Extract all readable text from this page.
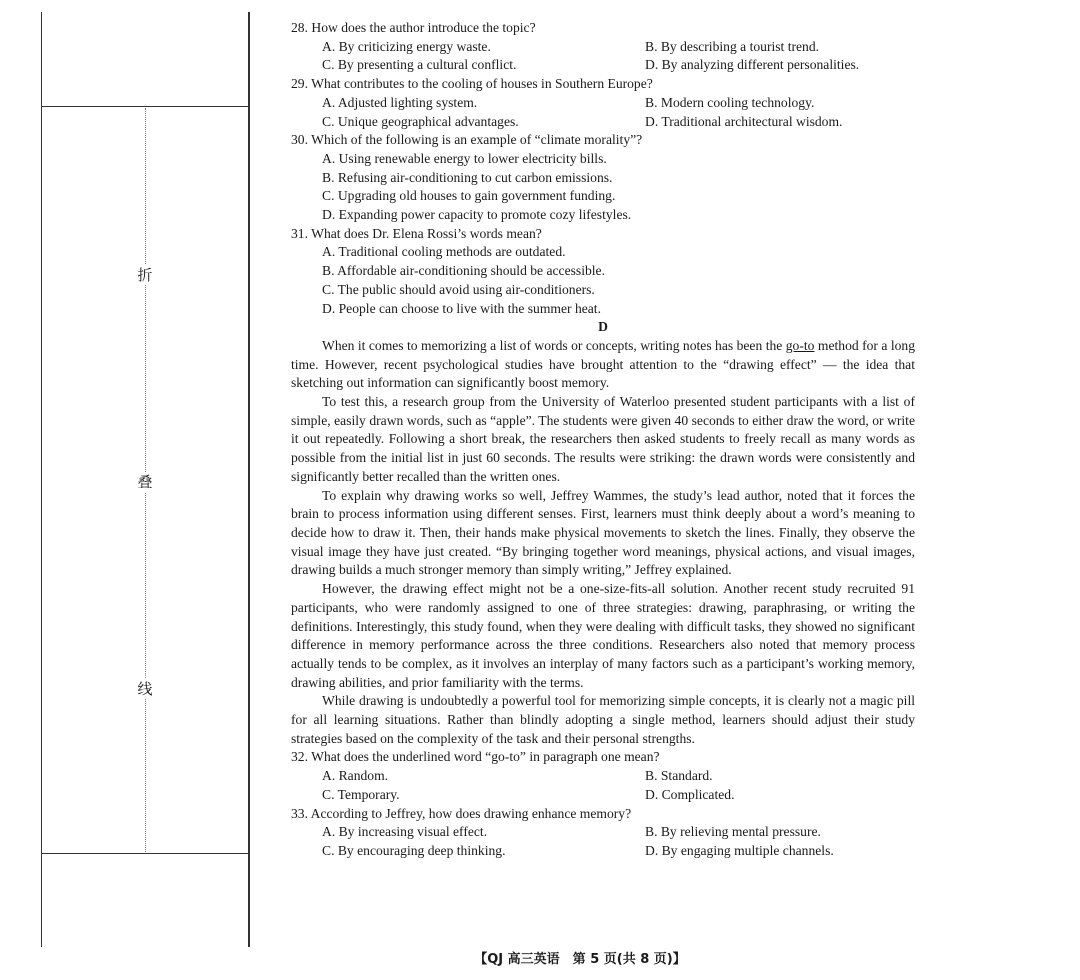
折
叠
线

28. How does the author introduce the topic?

A. By criticizing energy waste.	B. By describing a tourist trend.
C. By presenting a cultural conflict.	D. By analyzing different personalities.

29. What contributes to the cooling of houses in Southern Europe?

A. Adjusted lighting system.	B. Modern cooling technology.
C. Unique geographical advantages.	D. Traditional architectural wisdom.

30. Which of the following is an example of “climate morality”?

A. Using renewable energy to lower electricity bills.
B. Refusing air-conditioning to cut carbon emissions.
C. Upgrading old houses to gain government funding.
D. Expanding power capacity to promote cozy lifestyles.

31. What does Dr. Elena Rossi’s words mean?

A. Traditional cooling methods are outdated.
B. Affordable air-conditioning should be accessible.
C. The public should avoid using air-conditioners.
D. People can choose to live with the summer heat.

D

When it comes to memorizing a list of words or concepts, writing notes has been the go-to method for a long time. However, recent psychological studies have brought attention to the “drawing effect” — the idea that sketching out information can significantly boost memory.

To test this, a research group from the University of Waterloo presented student participants with a list of simple, easily drawn words, such as “apple”. The students were given 40 seconds to either draw the word, or write it out repeatedly. Following a short break, the researchers then asked students to freely recall as many words as possible from the initial list in just 60 seconds. The results were striking: the drawn words were consistently and significantly better recalled than the written ones.

To explain why drawing works so well, Jeffrey Wammes, the study’s lead author, noted that it forces the brain to process information using different senses. First, learners must think deeply about a word’s meaning to decide how to draw it. Then, their hands make physical movements to sketch the lines. Finally, they observe the visual image they have just created. “By bringing together word meanings, physical actions, and visual images, drawing builds a much stronger memory than simply writing,” Jeffrey explained.

However, the drawing effect might not be a one-size-fits-all solution. Another recent study recruited 91 participants, who were randomly assigned to one of three strategies: drawing, paraphrasing, or writing the definitions. Interestingly, this study found, when they were dealing with difficult tasks, they showed no significant difference in memory performance across the three conditions. Researchers also noted that memory process actually tends to be complex, as it involves an interplay of many factors such as a participant’s working memory, drawing abilities, and prior familiarity with the terms.

While drawing is undoubtedly a powerful tool for memorizing simple concepts, it is clearly not a magic pill for all learning situations. Rather than blindly adopting a single method, learners should adjust their study strategies based on the complexity of the task and their personal strengths.

32. What does the underlined word “go-to” in paragraph one mean?

A. Random.	B. Standard.
C. Temporary.	D. Complicated.

33. According to Jeffrey, how does drawing enhance memory?

A. By increasing visual effect.	B. By relieving mental pressure.
C. By encouraging deep thinking.	D. By engaging multiple channels.
【QJ 高三英语　第 5 页(共 8 页)】
